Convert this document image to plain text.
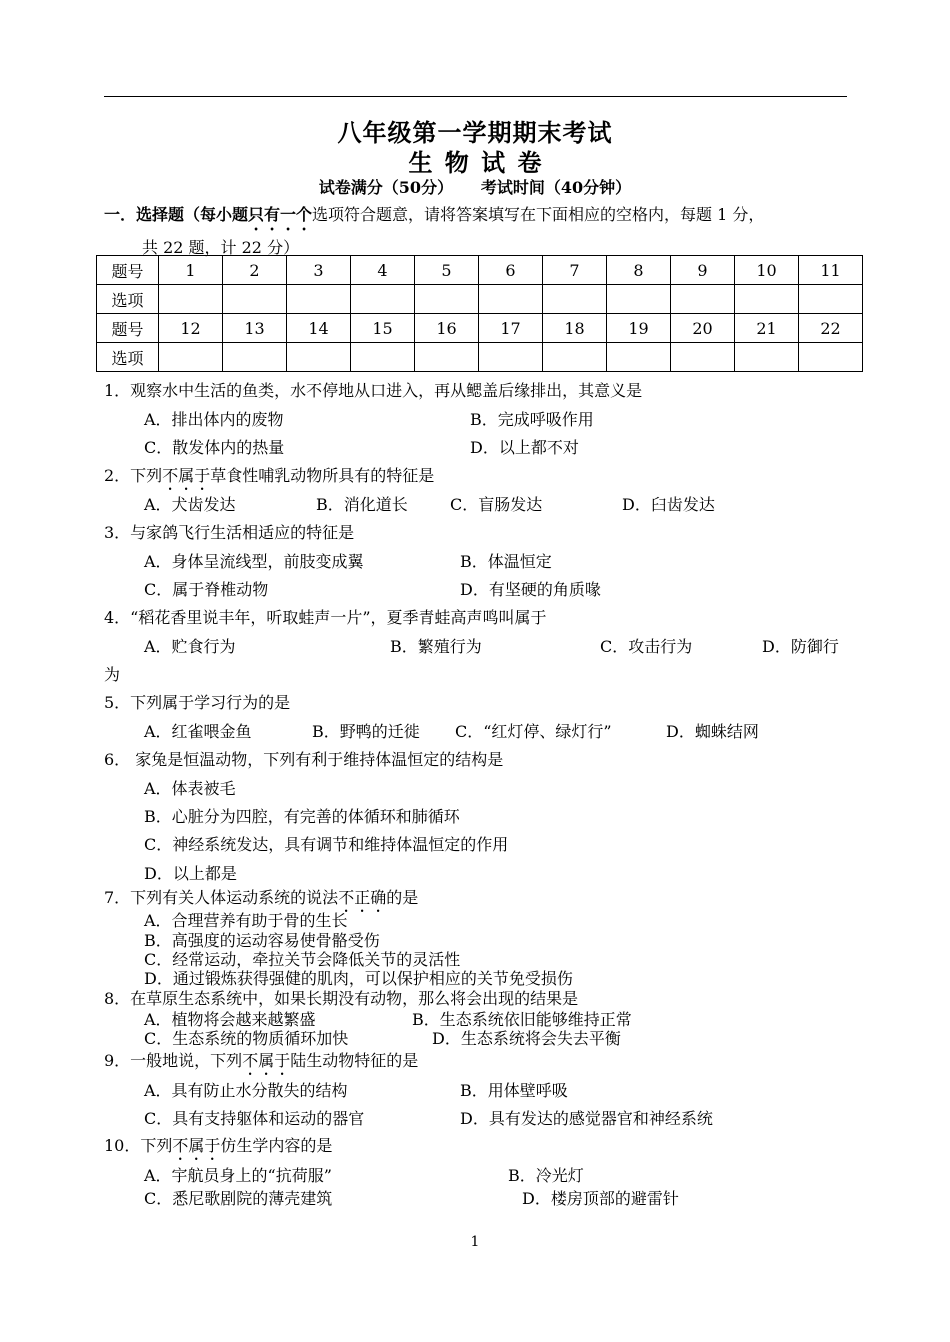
八年级第一学期期末考试
生 物 试 卷
试卷满分（50分）     考试时间（40分钟）
一．选择题（每小题只有一个选项符合题意，请将答案填写在下面相应的空格内，每题 1 分，
共 22 题，计 22 分）
题号	1	2	3	4	5	6	7	8	9	10	11
选项											
题号	12	13	14	15	16	17	18	19	20	21	22
选项											
1．观察水中生活的鱼类，水不停地从口进入，再从鳃盖后缘排出，其意义是
A．排出体内的废物	B．完成呼吸作用
C．散发体内的热量	D．以上都不对
2．下列不属于草食性哺乳动物所具有的特征是
A．犬齿发达	B．消化道长	C．盲肠发达	D．臼齿发达
3．与家鸽飞行生活相适应的特征是
A．身体呈流线型，前肢变成翼	B．体温恒定
C．属于脊椎动物	D．有坚硬的角质喙
4．“稻花香里说丰年，听取蛙声一片”，夏季青蛙高声鸣叫属于
A．贮食行为	B．繁殖行为	C．攻击行为	D．防御行
为
5．下列属于学习行为的是
A．红雀喂金鱼	B．野鸭的迁徙 C．“红灯停、绿灯行”	D．蜘蛛结网
6． 家兔是恒温动物，下列有利于维持体温恒定的结构是
A．体表被毛
B．心脏分为四腔，有完善的体循环和肺循环
C．神经系统发达，具有调节和维持体温恒定的作用
D．以上都是
7．下列有关人体运动系统的说法不正确的是
A．合理营养有助于骨的生长
B．高强度的运动容易使骨骼受伤
C．经常运动，牵拉关节会降低关节的灵活性
D．通过锻炼获得强健的肌肉，可以保护相应的关节免受损伤
8．在草原生态系统中，如果长期没有动物，那么将会出现的结果是
A．植物将会越来越繁盛	B．生态系统依旧能够维持正常
C．生态系统的物质循环加快	D．生态系统将会失去平衡
9．一般地说，下列不属于陆生动物特征的是
A．具有防止水分散失的结构	B．用体壁呼吸
C．具有支持躯体和运动的器官	D．具有发达的感觉器官和神经系统
10．下列不属于仿生学内容的是
A．宇航员身上的“抗荷服”	B．冷光灯
C．悉尼歌剧院的薄壳建筑	D．楼房顶部的避雷针
1
